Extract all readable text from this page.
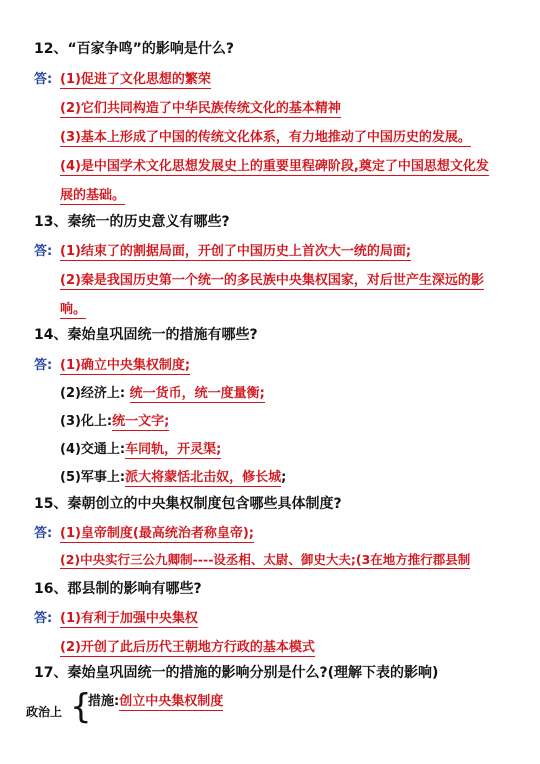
12、“百家争鸣”的影响是什么?
答: (1)促进了文化思想的繁荣
(2)它们共同构造了中华民族传统文化的基本精神
(3)基本上形成了中国的传统文化体系，有力地推动了中国历史的发展。
(4)是中国学术文化思想发展史上的重要里程碑阶段,奠定了中国思想文化发
展的基础。
13、秦统一的历史意义有哪些?
答: (1)结束了的割据局面，开创了中国历史上首次大一统的局面;
(2)秦是我国历史第一个统一的多民族中央集权国家，对后世产生深远的影
响。
14、秦始皇巩固统一的措施有哪些?
答: (1)确立中央集权制度;
(2)经济上: 统一货币，统一度量衡;
(3)化上:统一文字;
(4)交通上:车同轨，开灵渠;
(5)军事上:派大将蒙恬北击奴，修长城;
15、秦朝创立的中央集权制度包含哪些具体制度?
答: (1)皇帝制度(最高统治者称皇帝);
(2)中央实行三公九卿制----设丞相、太尉、御史大夫;(3在地方推行郡县制
16、郡县制的影响有哪些?
答: (1)有利于加强中央集权
(2)开创了此后历代王朝地方行政的基本模式
17、秦始皇巩固统一的措施的影响分别是什么?(理解下表的影响)
政治上 {
措施:创立中央集权制度
